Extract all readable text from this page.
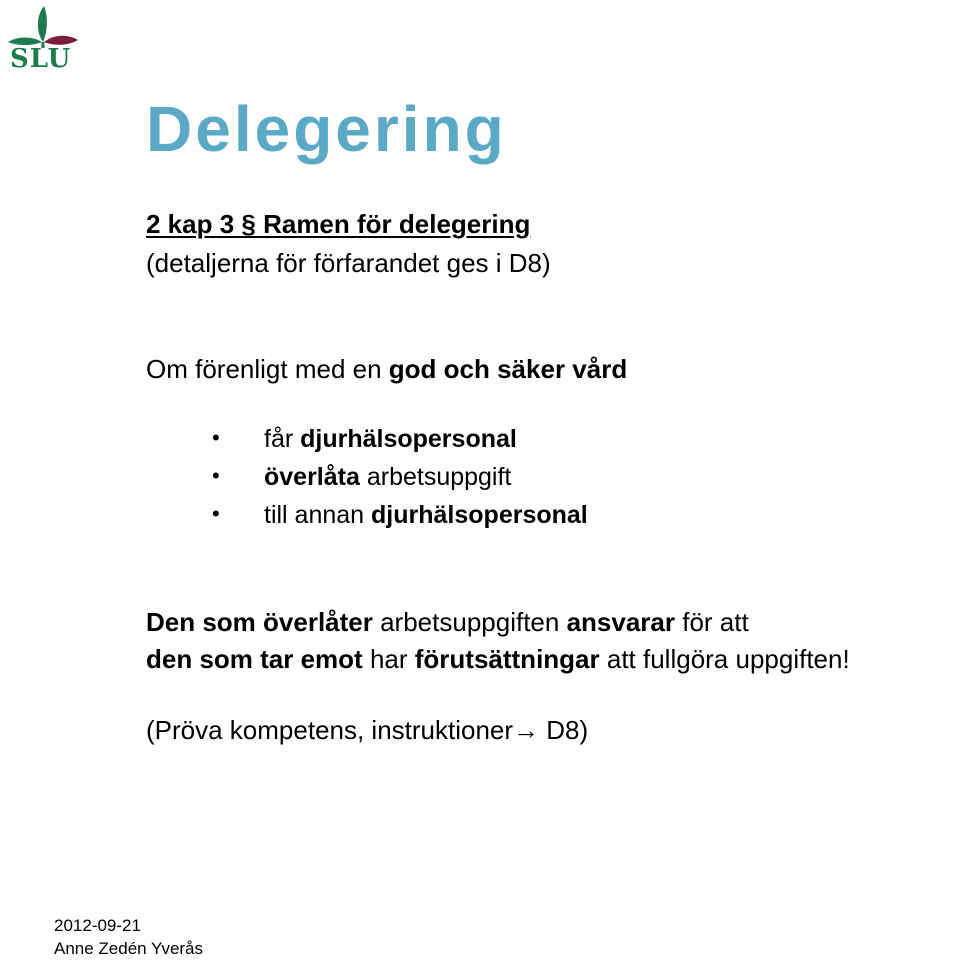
SLU
Delegering
2 kap 3 § Ramen för delegering
(detaljerna för förfarandet ges i D8)
Om förenligt med en god och säker vård
• får djurhälsopersonal
• överlåta arbetsuppgift
• till annan djurhälsopersonal
Den som överlåter arbetsuppgiften ansvarar för att
den som tar emot har förutsättningar att fullgöra uppgiften!
(Pröva kompetens, instruktioner→ D8)
2012-09-21
Anne Zedén Yverås
